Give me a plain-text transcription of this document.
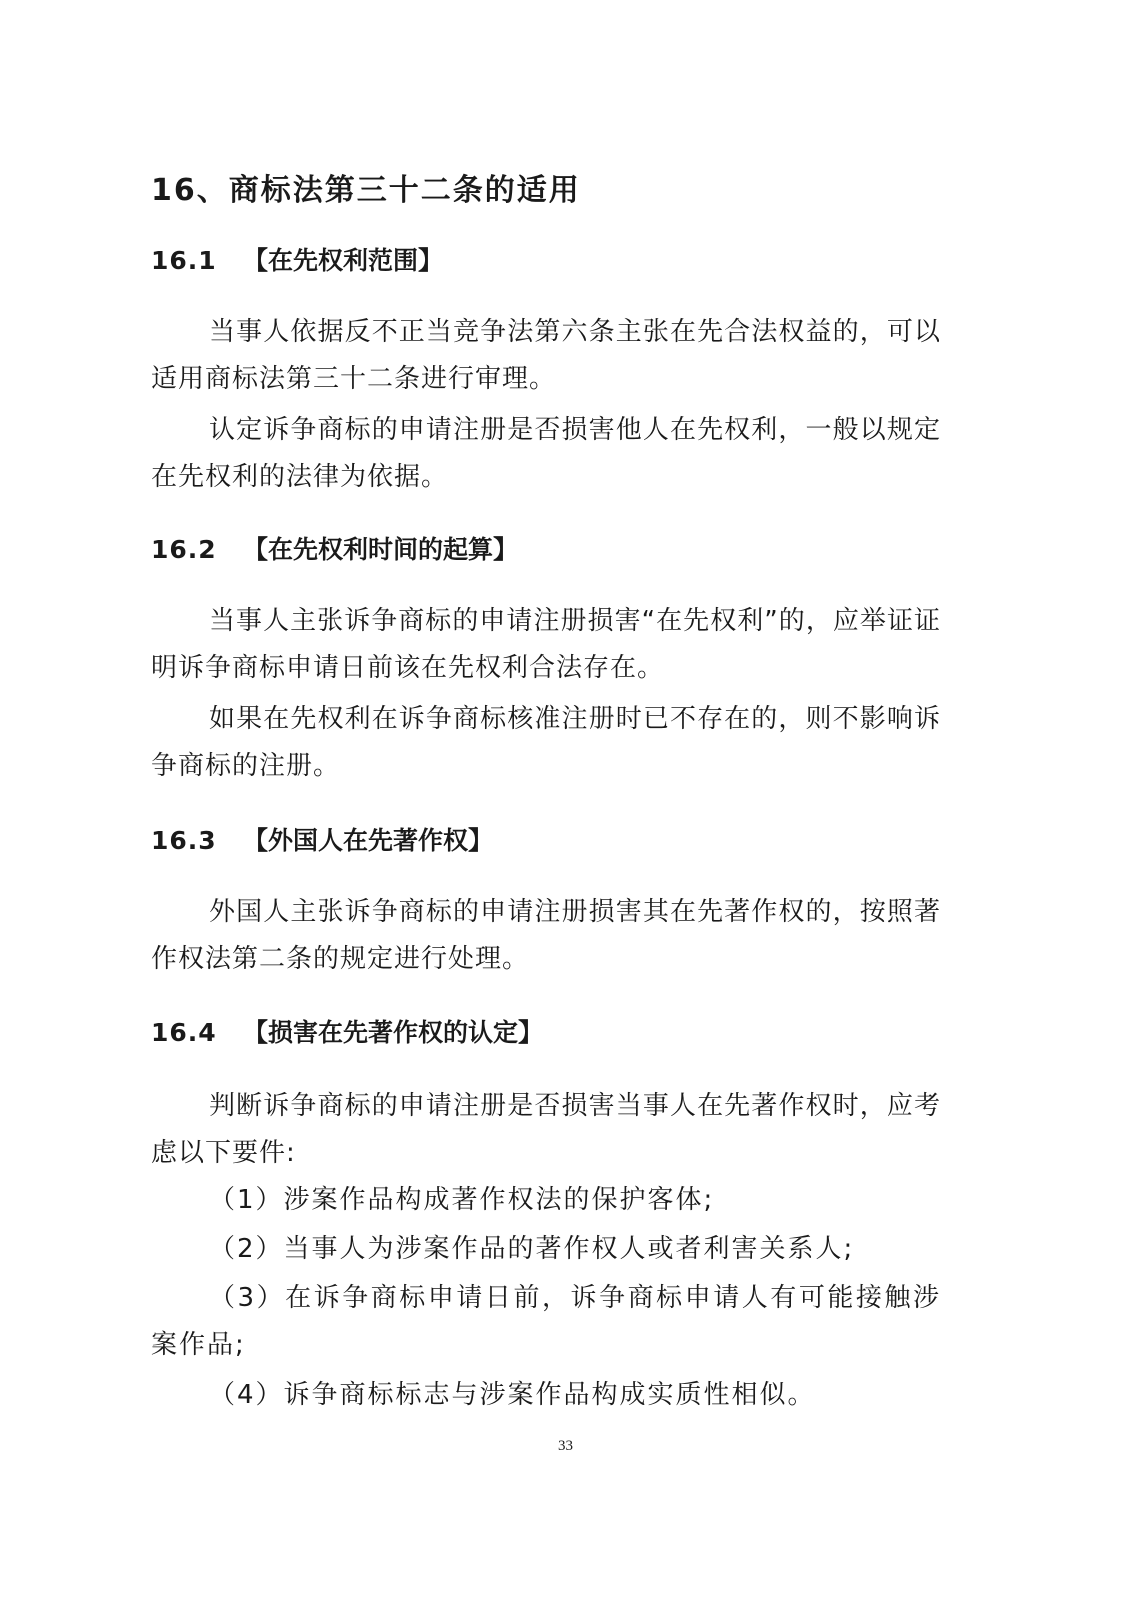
16、商标法第三十二条的适用
16.1 【在先权利范围】

当事人依据反不正当竞争法第六条主张在先合法权益的，可以适用商标法第三十二条进行审理。

认定诉争商标的申请注册是否损害他人在先权利，一般以规定在先权利的法律为依据。

16.2 【在先权利时间的起算】

当事人主张诉争商标的申请注册损害“在先权利”的，应举证证明诉争商标申请日前该在先权利合法存在。

如果在先权利在诉争商标核准注册时已不存在的，则不影响诉争商标的注册。

16.3 【外国人在先著作权】

外国人主张诉争商标的申请注册损害其在先著作权的，按照著作权法第二条的规定进行处理。

16.4 【损害在先著作权的认定】

判断诉争商标的申请注册是否损害当事人在先著作权时，应考虑以下要件:

（1）涉案作品构成著作权法的保护客体;

（2）当事人为涉案作品的著作权人或者利害关系人;

（3）在诉争商标申请日前，诉争商标申请人有可能接触涉案作品;

（4）诉争商标标志与涉案作品构成实质性相似。

33
